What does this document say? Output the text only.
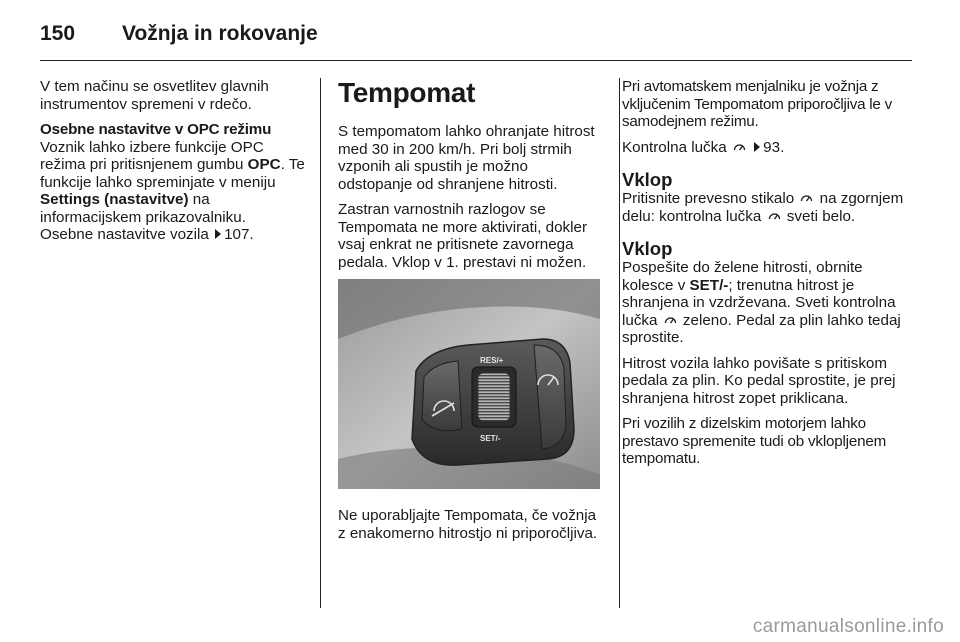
150 Vožnja in rokovanje

V tem načinu se osvetlitev glavnih instrumentov spremeni v rdečo.

Osebne nastavitve v OPC režimu

Voznik lahko izbere funkcije OPC režima pri pritisnjenem gumbu OPC. Te funkcije lahko spreminjate v meniju Settings (nastavitve) na informacijskem prikazovalniku.

Osebne nastavitve vozila 107.

Tempomat

S tempomatom lahko ohranjate hitrost med 30 in 200 km/h. Pri bolj strmih vzponih ali spustih je možno odstopanje od shranjene hitrosti.

Zastran varnostnih razlogov se Tempomata ne more aktivirati, dokler vsaj enkrat ne pritisnete zavornega pedala. Vklop v 1. prestavi ni možen.

RES/+
SET/-

Ne uporabljajte Tempomata, če vožnja z enakomerno hitrostjo ni priporočljiva.

Pri avtomatskem menjalniku je vožnja z vključenim Tempomatom priporočljiva le v samodejnem režimu.

Kontrolna lučka 93.

Vklop

Pritisnite prevesno stikalo  na zgornjem delu: kontrolna lučka  sveti belo.

Vklop

Pospešite do želene hitrosti, obrnite kolesce v SET/-; trenutna hitrost je shranjena in vzdrževana. Sveti kontrolna lučka  zeleno. Pedal za plin lahko tedaj sprostite.

Hitrost vozila lahko povišate s pritiskom pedala za plin. Ko pedal sprostite, je prej shranjena hitrost zopet priklicana.

Pri vozilih z dizelskim motorjem lahko prestavo spremenite tudi ob vklopljenem tempomatu.

carmanualsonline.info
